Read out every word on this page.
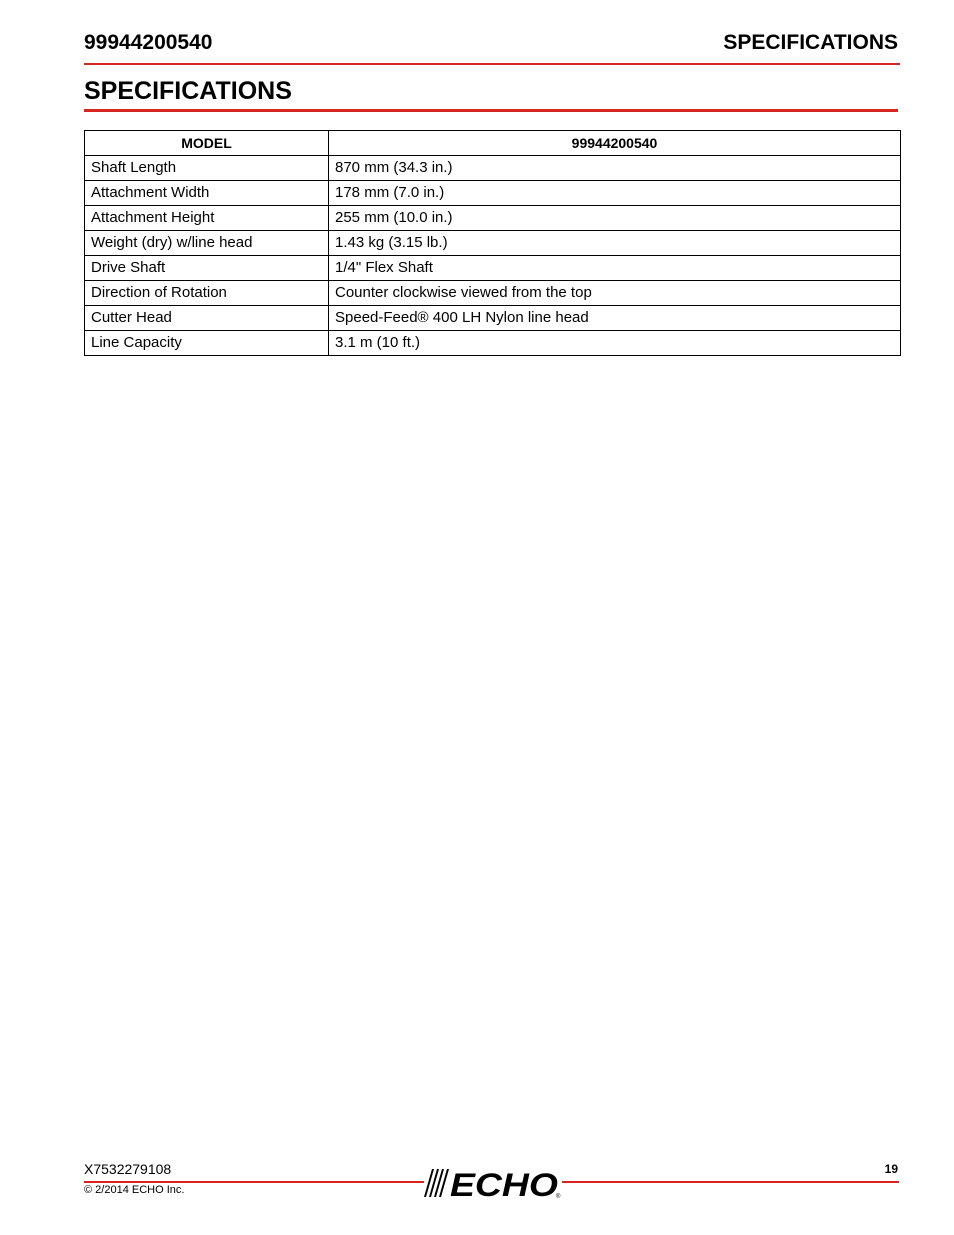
99944200540	SPECIFICATIONS
SPECIFICATIONS
MODEL	99944200540
Shaft Length	870 mm (34.3 in.)
Attachment Width	178 mm (7.0 in.)
Attachment Height	255 mm (10.0 in.)
Weight (dry) w/line head	1.43 kg (3.15 lb.)
Drive Shaft	1/4" Flex Shaft
Direction of Rotation	Counter clockwise viewed from the top
Cutter Head	Speed-Feed® 400 LH Nylon line head
Line Capacity	3.1 m (10 ft.)
X7532279108
© 2/2014 ECHO Inc.
19
ECHO
®
